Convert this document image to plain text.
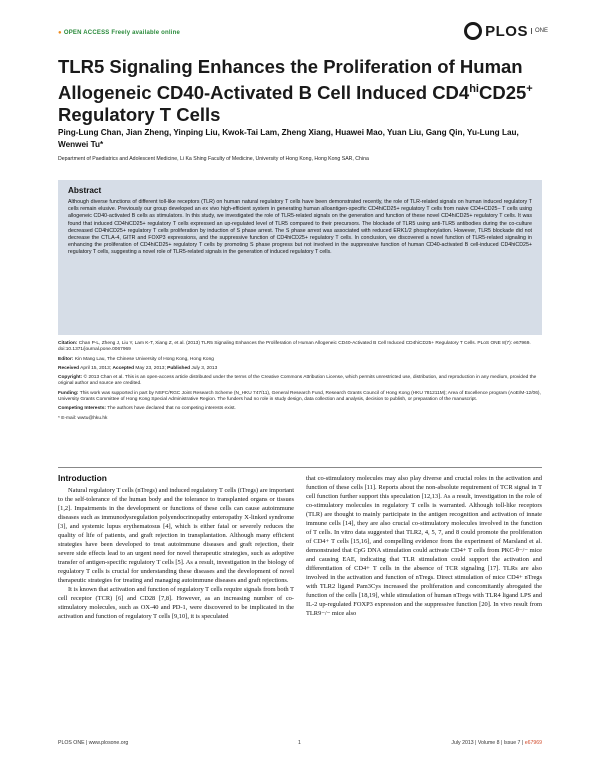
● OPEN ACCESS Freely available online	PLOS	ONE
TLR5 Signaling Enhances the Proliferation of Human
Allogeneic CD40-Activated B Cell Induced $CD4^{hi}CD25^+$
Regulatory T Cells
Ping-Lung Chan, Jian Zheng, Yinping Liu, Kwok-Tai Lam, Zheng Xiang, Huawei Mao, Yuan Liu, Gang Qin, Yu-Lung Lau, Wenwei Tu*
Department of Paediatrics and Adolescent Medicine, Li Ka Shing Faculty of Medicine, University of Hong Kong, Hong Kong SAR, China
Abstract
Although diverse functions of different toll-like receptors (TLR) on human natural regulatory T cells have been demonstrated recently, the role of TLR-related signals on human induced regulatory T cells remain elusive. Previously our group developed an ex vivo high-efficient system in generating human alloantigen-specific CD4hiCD25+ regulatory T cells from naive CD4+CD25− T cells using allogeneic CD40-activated B cells as stimulators. In this study, we investigated the role of TLR5-related signals on the generation and function of these novel CD4hiCD25+ regulatory T cells. It was found that induced CD4hiCD25+ regulatory T cells expressed an up-regulated level of TLR5 compared to their precursors. The blockade of TLR5 using anti-TLR5 antibodies during the co-culture decreased CD4hiCD25+ regulatory T cells proliferation by induction of S phase arrest. The S phase arrest was associated with reduced ERK1/2 phosphorylation. However, TLR5 blockade did not decrease the CTLA-4, GITR and FOXP3 expressions, and the suppressive function of CD4hiCD25+ regulatory T cells. In conclusion, we discovered a novel function of TLR5-related signaling in enhancing the proliferation of CD4hiCD25+ regulatory T cells by promoting S phase progress but not involved in the suppressive function of human CD40-activated B cell-induced CD4hiCD25+ regulatory T cells, suggesting a novel role of TLR5-related signals in the generation of induced regulatory T cells.

Citation: Chan P-L, Zheng J, Liu Y, Lam K-T, Xiang Z, et al. (2013) TLR5 Signaling Enhances the Proliferation of Human Allogeneic CD40-Activated B Cell Induced CD4hiCD25+ Regulatory T Cells. PLoS ONE 8(7): e67969. doi:10.1371/journal.pone.0067969

Editor: Kin Mang Lau, The Chinese University of Hong Kong, Hong Kong

Received April 15, 2013; Accepted May 23, 2013; Published July 3, 2013

Copyright: © 2013 Chan et al. This is an open-access article distributed under the terms of the Creative Commons Attribution License, which permits unrestricted use, distribution, and reproduction in any medium, provided the original author and source are credited.

Funding: This work was supported in part by NSFC/RGC Joint Research Scheme (N_HKU 747/11), General Research Fund, Research Grants Council of Hong Kong (HKU 781211M); Area of Excellence program (AoE/M-12/06), University Grants Committee of Hong Kong Special Administrative Region. The funders had no role in study design, data collection and analysis, decision to publish, or preparation of the manuscript.

Competing Interests: The authors have declared that no competing interests exist.

* E-mail: wwtu@hku.hk

Introduction

Natural regulatory T cells (nTregs) and induced regulatory T cells (iTregs) are important to the self-tolerance of the human body and the tolerance to transplanted organs or tissues [1,2]. Impairments in the development or functions of these cells can cause autoimmune diseases such as immunodysregulation polyendocrinopathy enteropathy X-linked syndrome [3], and systemic lupus erythematosus [4], which is either fatal or severely reduces the quality of life of patients, and graft rejection in transplantation. Although many efficient strategies have been developed to treat autoimmune diseases and graft rejection, their severe side effects lead to an urgent need for novel therapeutic strategies, such as adoptive transfer of antigen-specific regulatory T cells [5]. As a result, investigation in the biology of regulatory T cells is crucial for understanding these diseases and the development of novel therapeutic strategies for treating and managing autoimmune diseases and graft rejections.

It is known that activation and function of regulatory T cells require signals from both T cell receptor (TCR) [6] and CD28 [7,8]. However, as an increasing number of co-stimulatory molecules, such as OX-40 and PD-1, were discovered to be implicated in the activation and function of regulatory T cells [9,10], it is speculated

that co-stimulatory molecules may also play diverse and crucial roles in the activation and function of these cells [11]. Reports about the non-absolute requirement of TCR signal in T cell function further support this speculation [12,13]. As a result, investigation in the role of co-stimulatory molecules in regulatory T cells is warranted. Although toll-like receptors (TLR) are thought to mainly participate in the antigen recognition and activation of innate immune cells [14], they are also crucial co-stimulatory molecules involved in the function of T cells. In vitro data suggested that TLR2, 4, 5, 7, and 8 could promote the proliferation of CD4+ T cells [15,16], and compelling evidence from the experiment of Marsland et al. demonstrated that CpG DNA stimulation could activate CD4+ T cells from PKC-θ−/− mice and causing EAE, indicating that TLR stimulation could support the activation and differentiation of CD4+ T cells in the absence of TCR signaling [17]. TLRs are also involved in the activation and function of nTregs. Direct stimulation of mice CD4+ nTregs with TLR2 ligand Pam3Cys increased the proliferation and concomitantly abrogated the function of the cells [18,19], while stimulation of human nTregs with TLR4 ligand LPS and IL-2 up-regulated FOXP3 expression and the suppressive function [20]. In vivo result from TLR9−/− mice also

PLOS ONE | www.plosone.org	1	July 2013 | Volume 8 | Issue 7 | e67969
